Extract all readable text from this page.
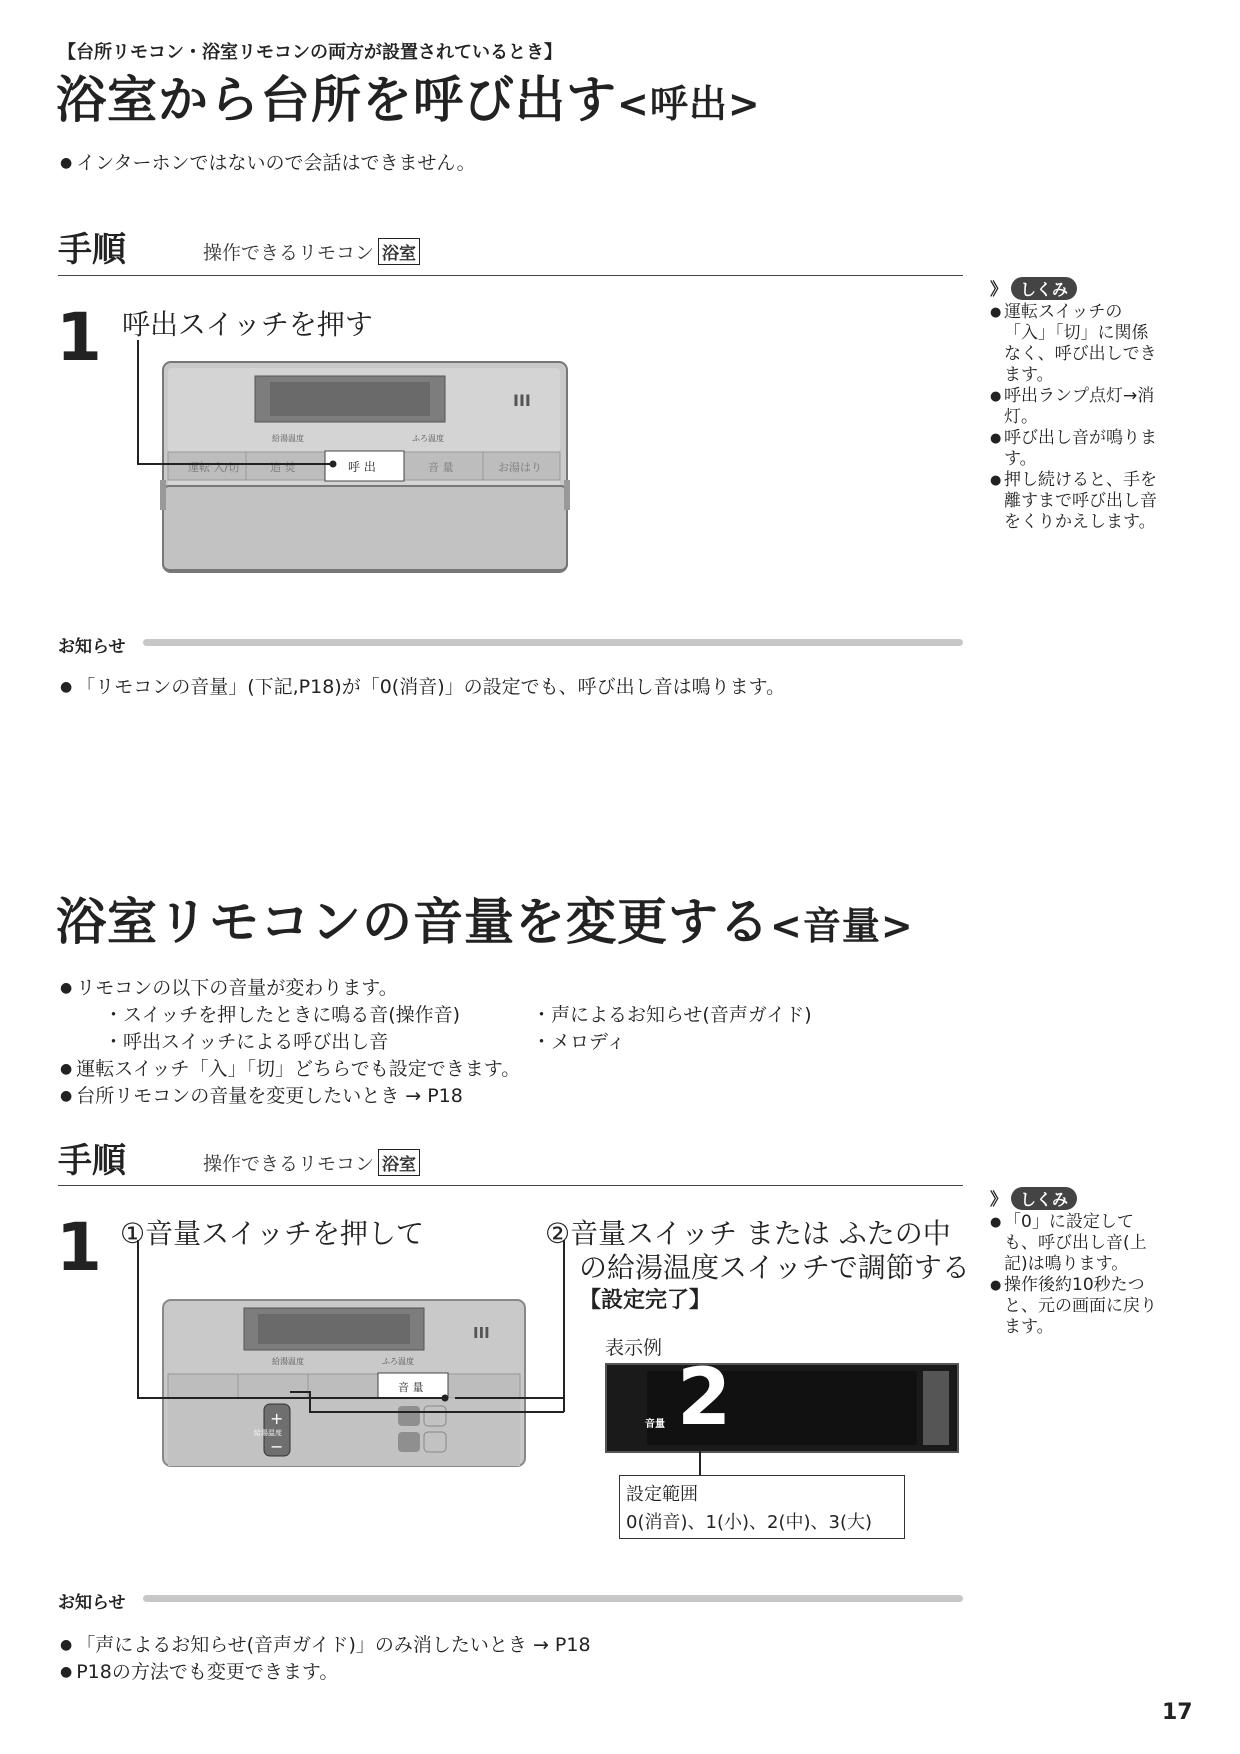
【台所リモコン・浴室リモコンの両方が設置されているとき】
浴室から台所を呼び出す<呼出>
● インターホンではないので会話はできません。
手順	操作できるリモコン 浴室
1 呼出スイッチを押す
III
給湯温度	ふろ温度
運転 入/切	追 焚	呼 出	音 量	お湯はり
》 しくみ
● 運転スイッチの「入」「切」に関係なく、呼び出しできます。
● 呼出ランプ点灯→消灯。
● 呼び出し音が鳴ります。
● 押し続けると、手を離すまで呼び出し音をくりかえします。
お知らせ
● 「リモコンの音量」(下記,P18)が「0(消音)」の設定でも、呼び出し音は鳴ります。
浴室リモコンの音量を変更する<音量>
● リモコンの以下の音量が変わります。
・スイッチを押したときに鳴る音(操作音)	・声によるお知らせ(音声ガイド)
・呼出スイッチによる呼び出し音	・メロディ
● 運転スイッチ「入」「切」どちらでも設定できます。
● 台所リモコンの音量を変更したいとき → P18
手順	操作できるリモコン 浴室
1 ①音量スイッチを押して	②音量スイッチ または ふたの中
の給湯温度スイッチで調節する
【設定完了】
III
給湯温度	ふろ温度
音 量
+
給湯温度
−
表示例
音量 2
設定範囲
0(消音)、1(小)、2(中)、3(大)
》 しくみ
● 「0」に設定しても、呼び出し音(上記)は鳴ります。
● 操作後約10秒たつと、元の画面に戻ります。
お知らせ
● 「声によるお知らせ(音声ガイド)」のみ消したいとき → P18
● P18の方法でも変更できます。
17
